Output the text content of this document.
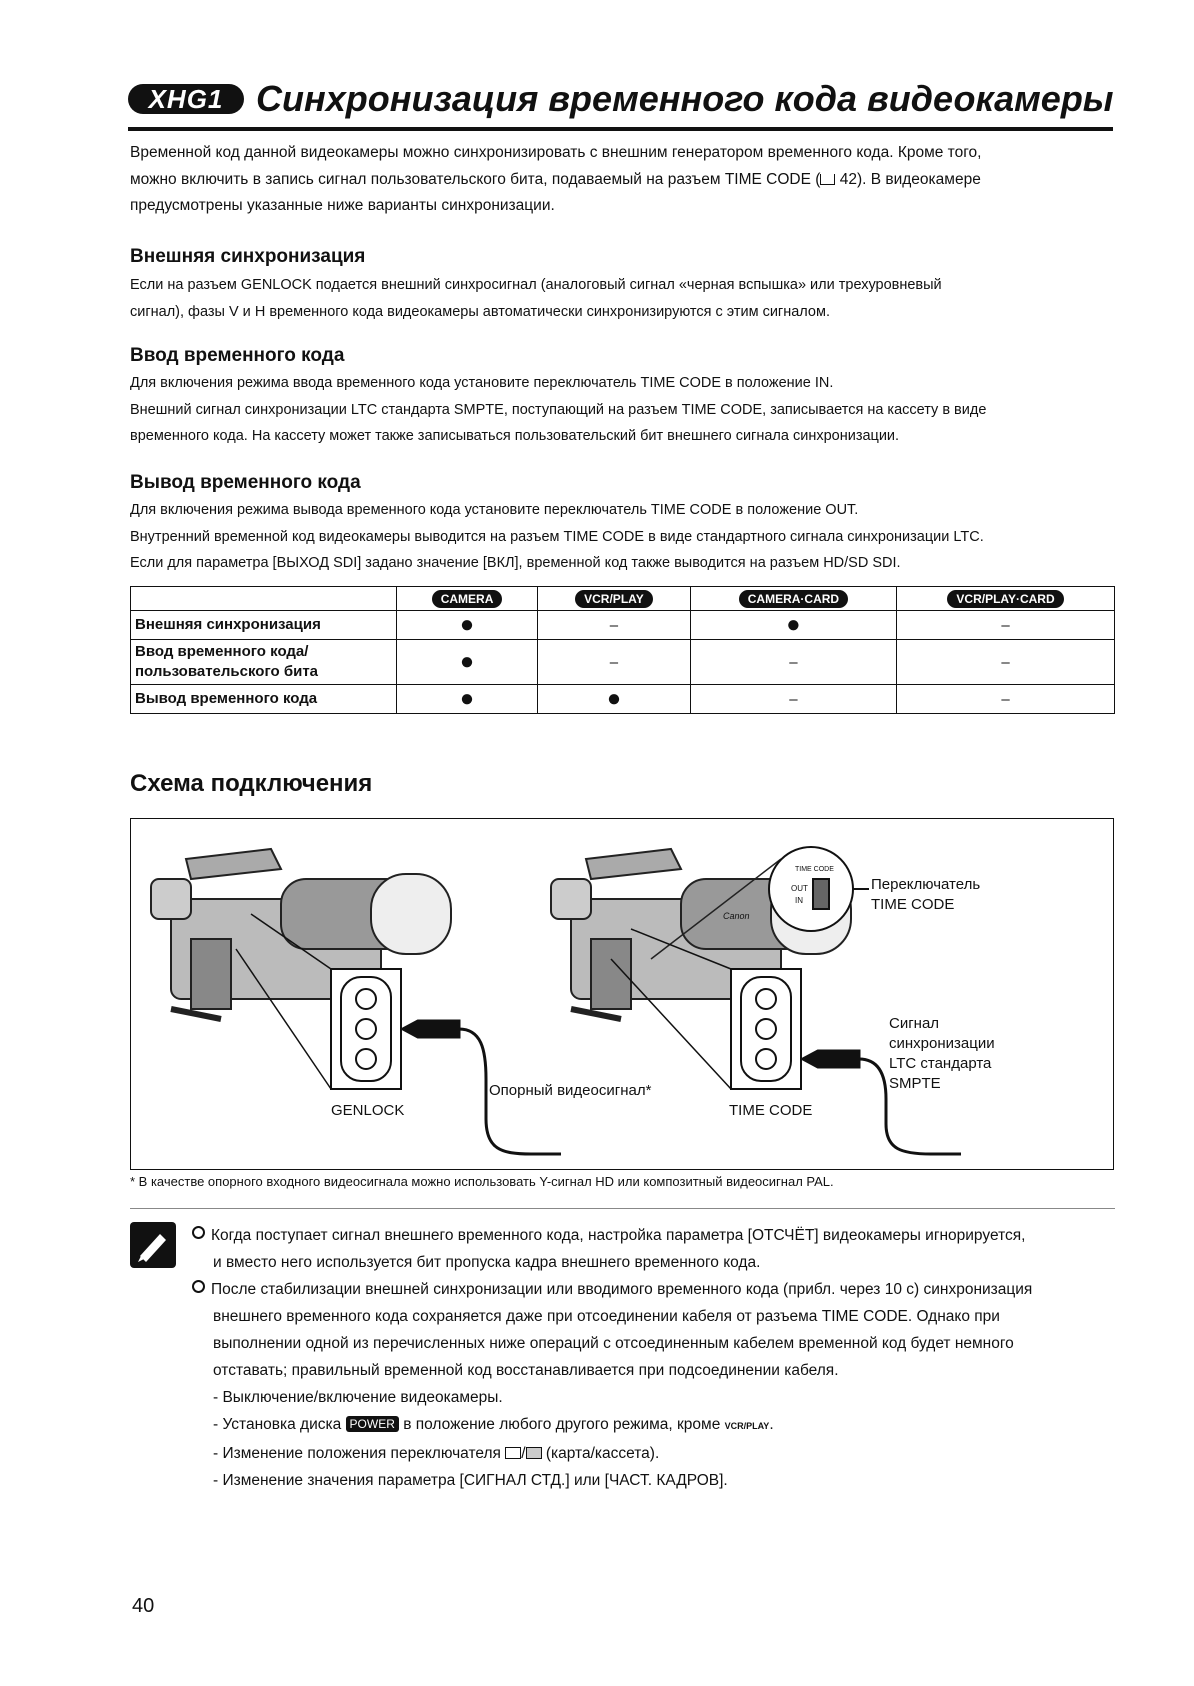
XHG1 Синхронизация временного кода видеокамеры
Временной код данной видеокамеры можно синхронизировать с внешним генератором временного кода. Кроме того,
можно включить в запись сигнал пользовательского бита, подаваемый на разъем TIME CODE ( 42). В видеокамере
предусмотрены указанные ниже варианты синхронизации.
Внешняя синхронизация
Если на разъем GENLOCK подается внешний синхросигнал (аналоговый сигнал «черная вспышка» или трехуровневый
сигнал), фазы V и H временного кода видеокамеры автоматически синхронизируются с этим сигналом.
Ввод временного кода
Для включения режима ввода временного кода установите переключатель TIME CODE в положение IN.
Внешний сигнал синхронизации LTC стандарта SMPTE, поступающий на разъем TIME CODE, записывается на кассету в виде
временного кода. На кассету может также записываться пользовательский бит внешнего сигнала синхронизации.
Вывод временного кода
Для включения режима вывода временного кода установите переключатель TIME CODE в положение OUT.
Внутренний временной код видеокамеры выводится на разъем TIME CODE в виде стандартного сигнала синхронизации LTC.
Если для параметра [ВЫХОД SDI] задано значение [ВКЛ], временной код также выводится на разъем HD/SD SDI.
	CAMERA	VCR/PLAY	CAMERA·CARD	VCR/PLAY·CARD
Внешняя синхронизация	●	–	●	–

Ввод временного кода/
пользовательского бита	●	–	–	–
Вывод временного кода	●	●	–	–
Схема подключения
TIME CODE
OUT
IN
Canon
Переключатель
TIME CODE
Сигнал
синхронизации
LTC стандарта
SMPTE
Опорный видеосигнал*
GENLOCK	TIME CODE
* В качестве опорного входного видеосигнала можно использовать Y-сигнал HD или композитный видеосигнал PAL.
Когда поступает сигнал внешнего временного кода, настройка параметра [ОТСЧЁТ] видеокамеры игнорируется,
и вместо него используется бит пропуска кадра внешнего временного кода.
После стабилизации внешней синхронизации или вводимого временного кода (прибл. через 10 с) синхронизация
внешнего временного кода сохраняется даже при отсоединении кабеля от разъема TIME CODE. Однако при
выполнении одной из перечисленных ниже операций с отсоединенным кабелем временной код будет немного
отставать; правильный временной код восстанавливается при подсоединении кабеля.
- Выключение/включение видеокамеры.
- Установка диска POWER в положение любого другого режима, кроме VCR/PLAY.
- Изменение положения переключателя / (карта/кассета).
- Изменение значения параметра [СИГНАЛ СТД.] или [ЧАСТ. КАДРОВ].
40
